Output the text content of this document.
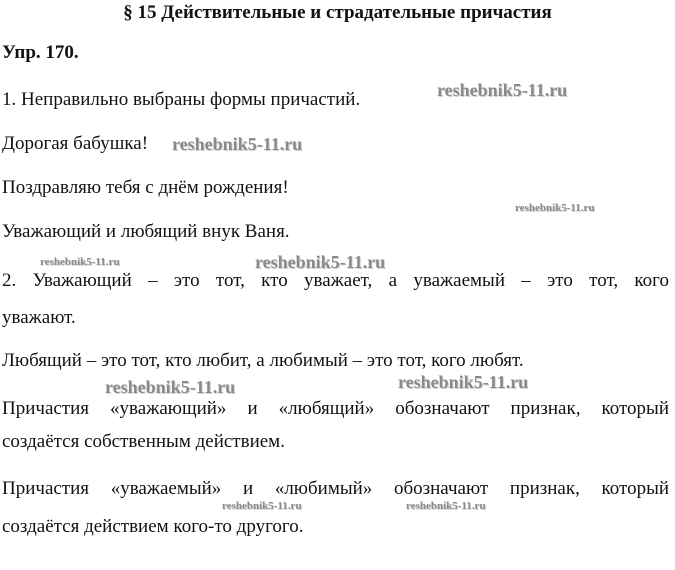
§ 15 Действительные и страдательные причастия
Упр. 170.
1. Неправильно выбраны формы причастий.
Дорогая бабушка!
Поздравляю тебя с днём рождения!
Уважающий и любящий внук Ваня.
2. Уважающий – это тот, кто уважает, а уважаемый – это тот, кого
уважают.
Любящий – это тот, кто любит, а любимый – это тот, кого любят.
Причастия «уважающий» и «любящий» обозначают признак, который
создаётся собственным действием.
Причастия «уважаемый» и «любимый» обозначают признак, который
создаётся действием кого-то другого.
reshebnik5-11.ru
reshebnik5-11.ru
reshebnik5-11.ru
reshebnik5-11.ru	reshebnik5-11.ru
reshebnik5-11.ru	reshebnik5-11.ru
reshebnik5-11.ru	reshebnik5-11.ru
